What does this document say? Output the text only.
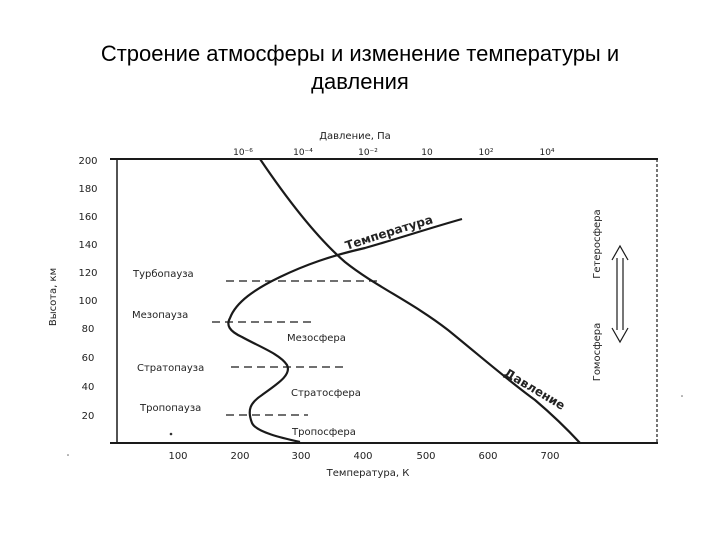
Строение атмосферы и изменение температуры и
давления
Давление, Па
10⁻⁶	10⁻⁴	10⁻²	10	10²	10⁴
Высота, км
200
180
160
140
120
100
80
60
40
20
100	200	300	400	500	600	700
Температура, К
Температура
Давление
Турбопауза
Мезопауза
Стратопауза
Тропопауза
Мезосфера
Стратосфера
Тропосфера
Гетеросфера
Гомосфера
